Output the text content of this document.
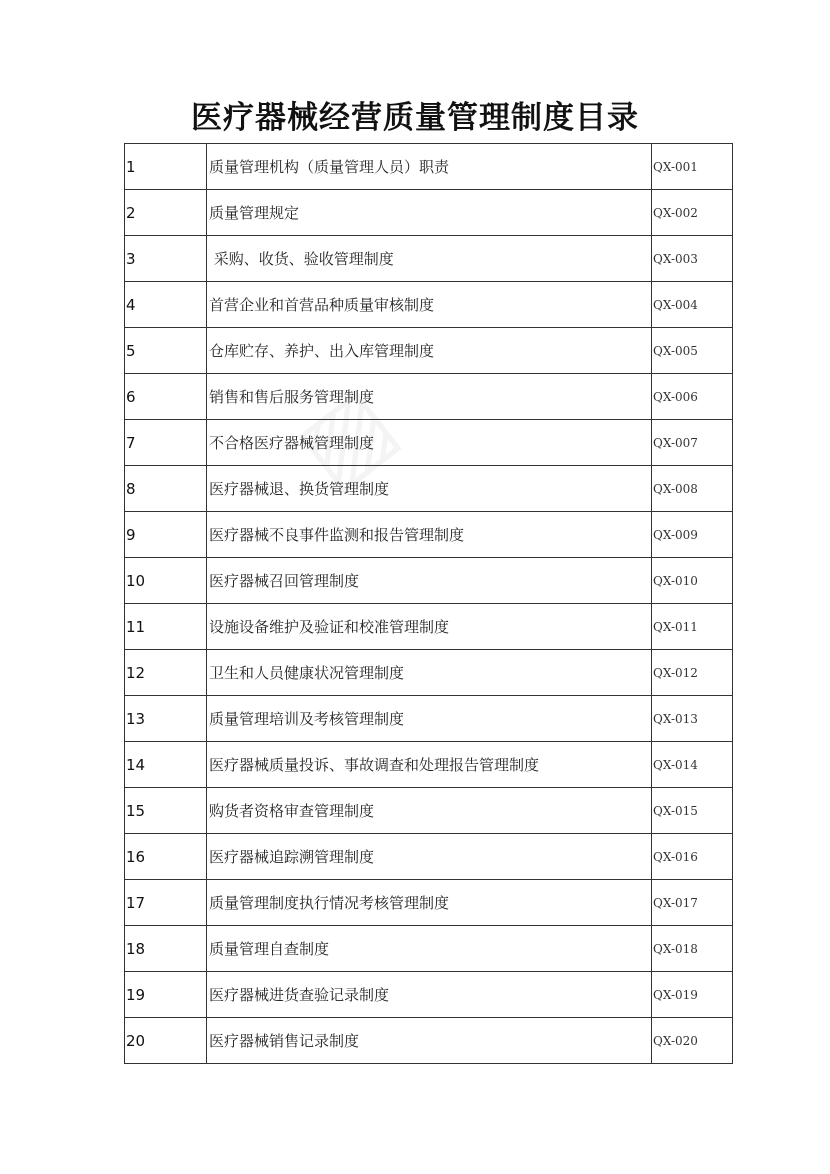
医疗器械经营质量管理制度目录
1	质量管理机构（质量管理人员）职责	QX-001
2	质量管理规定	QX-002
3	采购、收货、验收管理制度	QX-003
4	首营企业和首营品种质量审核制度	QX-004
5	仓库贮存、养护、出入库管理制度	QX-005
6	销售和售后服务管理制度	QX-006
7	不合格医疗器械管理制度	QX-007
8	医疗器械退、换货管理制度	QX-008
9	医疗器械不良事件监测和报告管理制度	QX-009
10	医疗器械召回管理制度	QX-010
11	设施设备维护及验证和校准管理制度	QX-011
12	卫生和人员健康状况管理制度	QX-012
13	质量管理培训及考核管理制度	QX-013
14	医疗器械质量投诉、事故调查和处理报告管理制度	QX-014
15	购货者资格审查管理制度	QX-015
16	医疗器械追踪溯管理制度	QX-016
17	质量管理制度执行情况考核管理制度	QX-017
18	质量管理自查制度	QX-018
19	医疗器械进货查验记录制度	QX-019
20	医疗器械销售记录制度	QX-020
